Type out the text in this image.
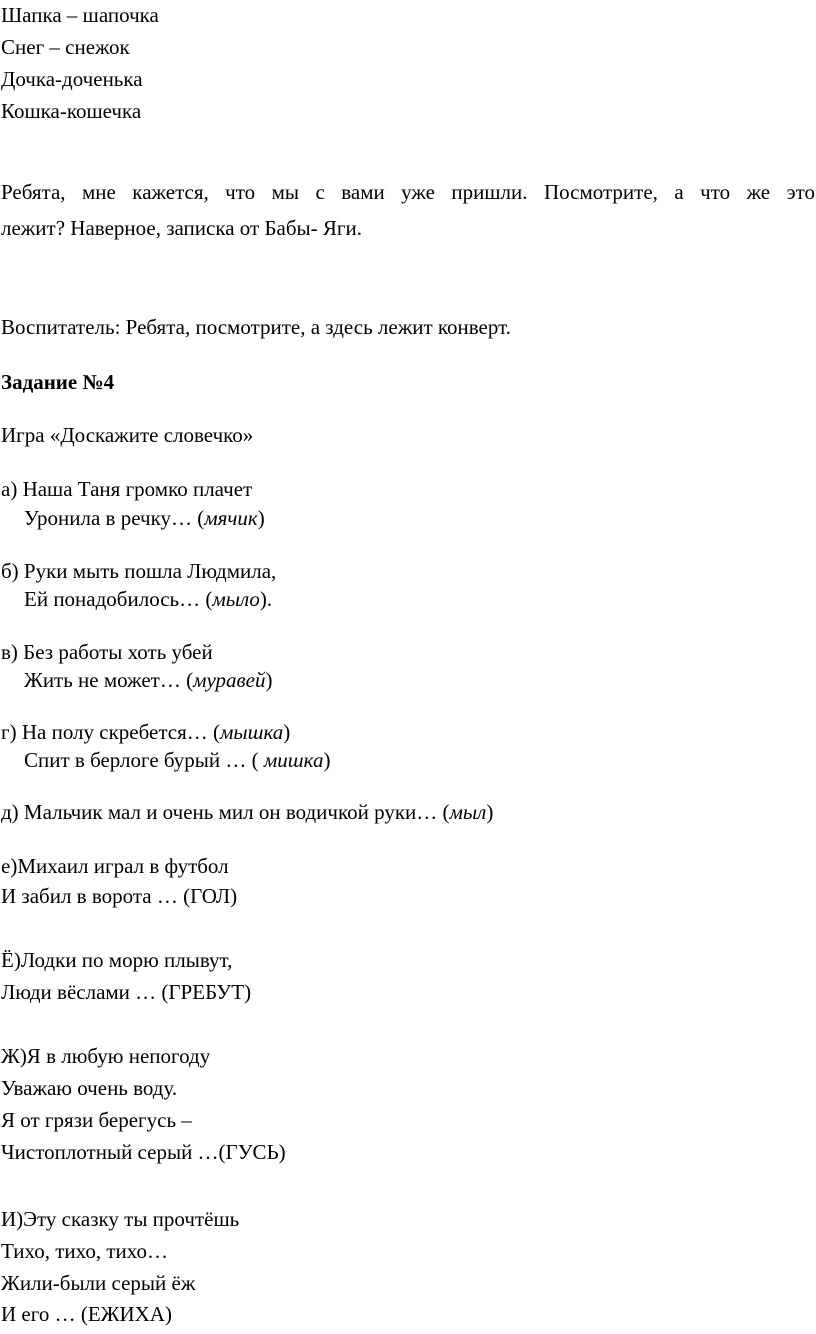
Шапка – шапочка

Снег – снежок

Дочка-доченька

Кошка-кошечка

Ребята, мне кажется, что мы с вами уже пришли. Посмотрите, а что же это
лежит? Наверное, записка от Бабы- Яги.

Воспитатель: Ребята, посмотрите, а здесь лежит конверт.

Задание №4

Игра «Доскажите словечко»

а) Наша Таня громко плачет

Уронила в речку… (мячик)

б) Руки мыть пошла Людмила,

Ей понадобилось… (мыло).

в) Без работы хоть убей

Жить не может… (муравей)

г) На полу скребется… (мышка)

Спит в берлоге бурый … ( мишка)

д) Мальчик мал и очень мил он водичкой руки… (мыл)

е)Михаил играл в футбол

И забил в ворота … (ГОЛ)

Ё)Лодки по морю плывут,

Люди вёслами … (ГРЕБУТ)

Ж)Я в любую непогоду

Уважаю очень воду.

Я от грязи берегусь –

Чистоплотный серый …(ГУСЬ)

И)Эту сказку ты прочтёшь

Тихо, тихо, тихо…

Жили-были серый ёж

И его … (ЕЖИХА)
